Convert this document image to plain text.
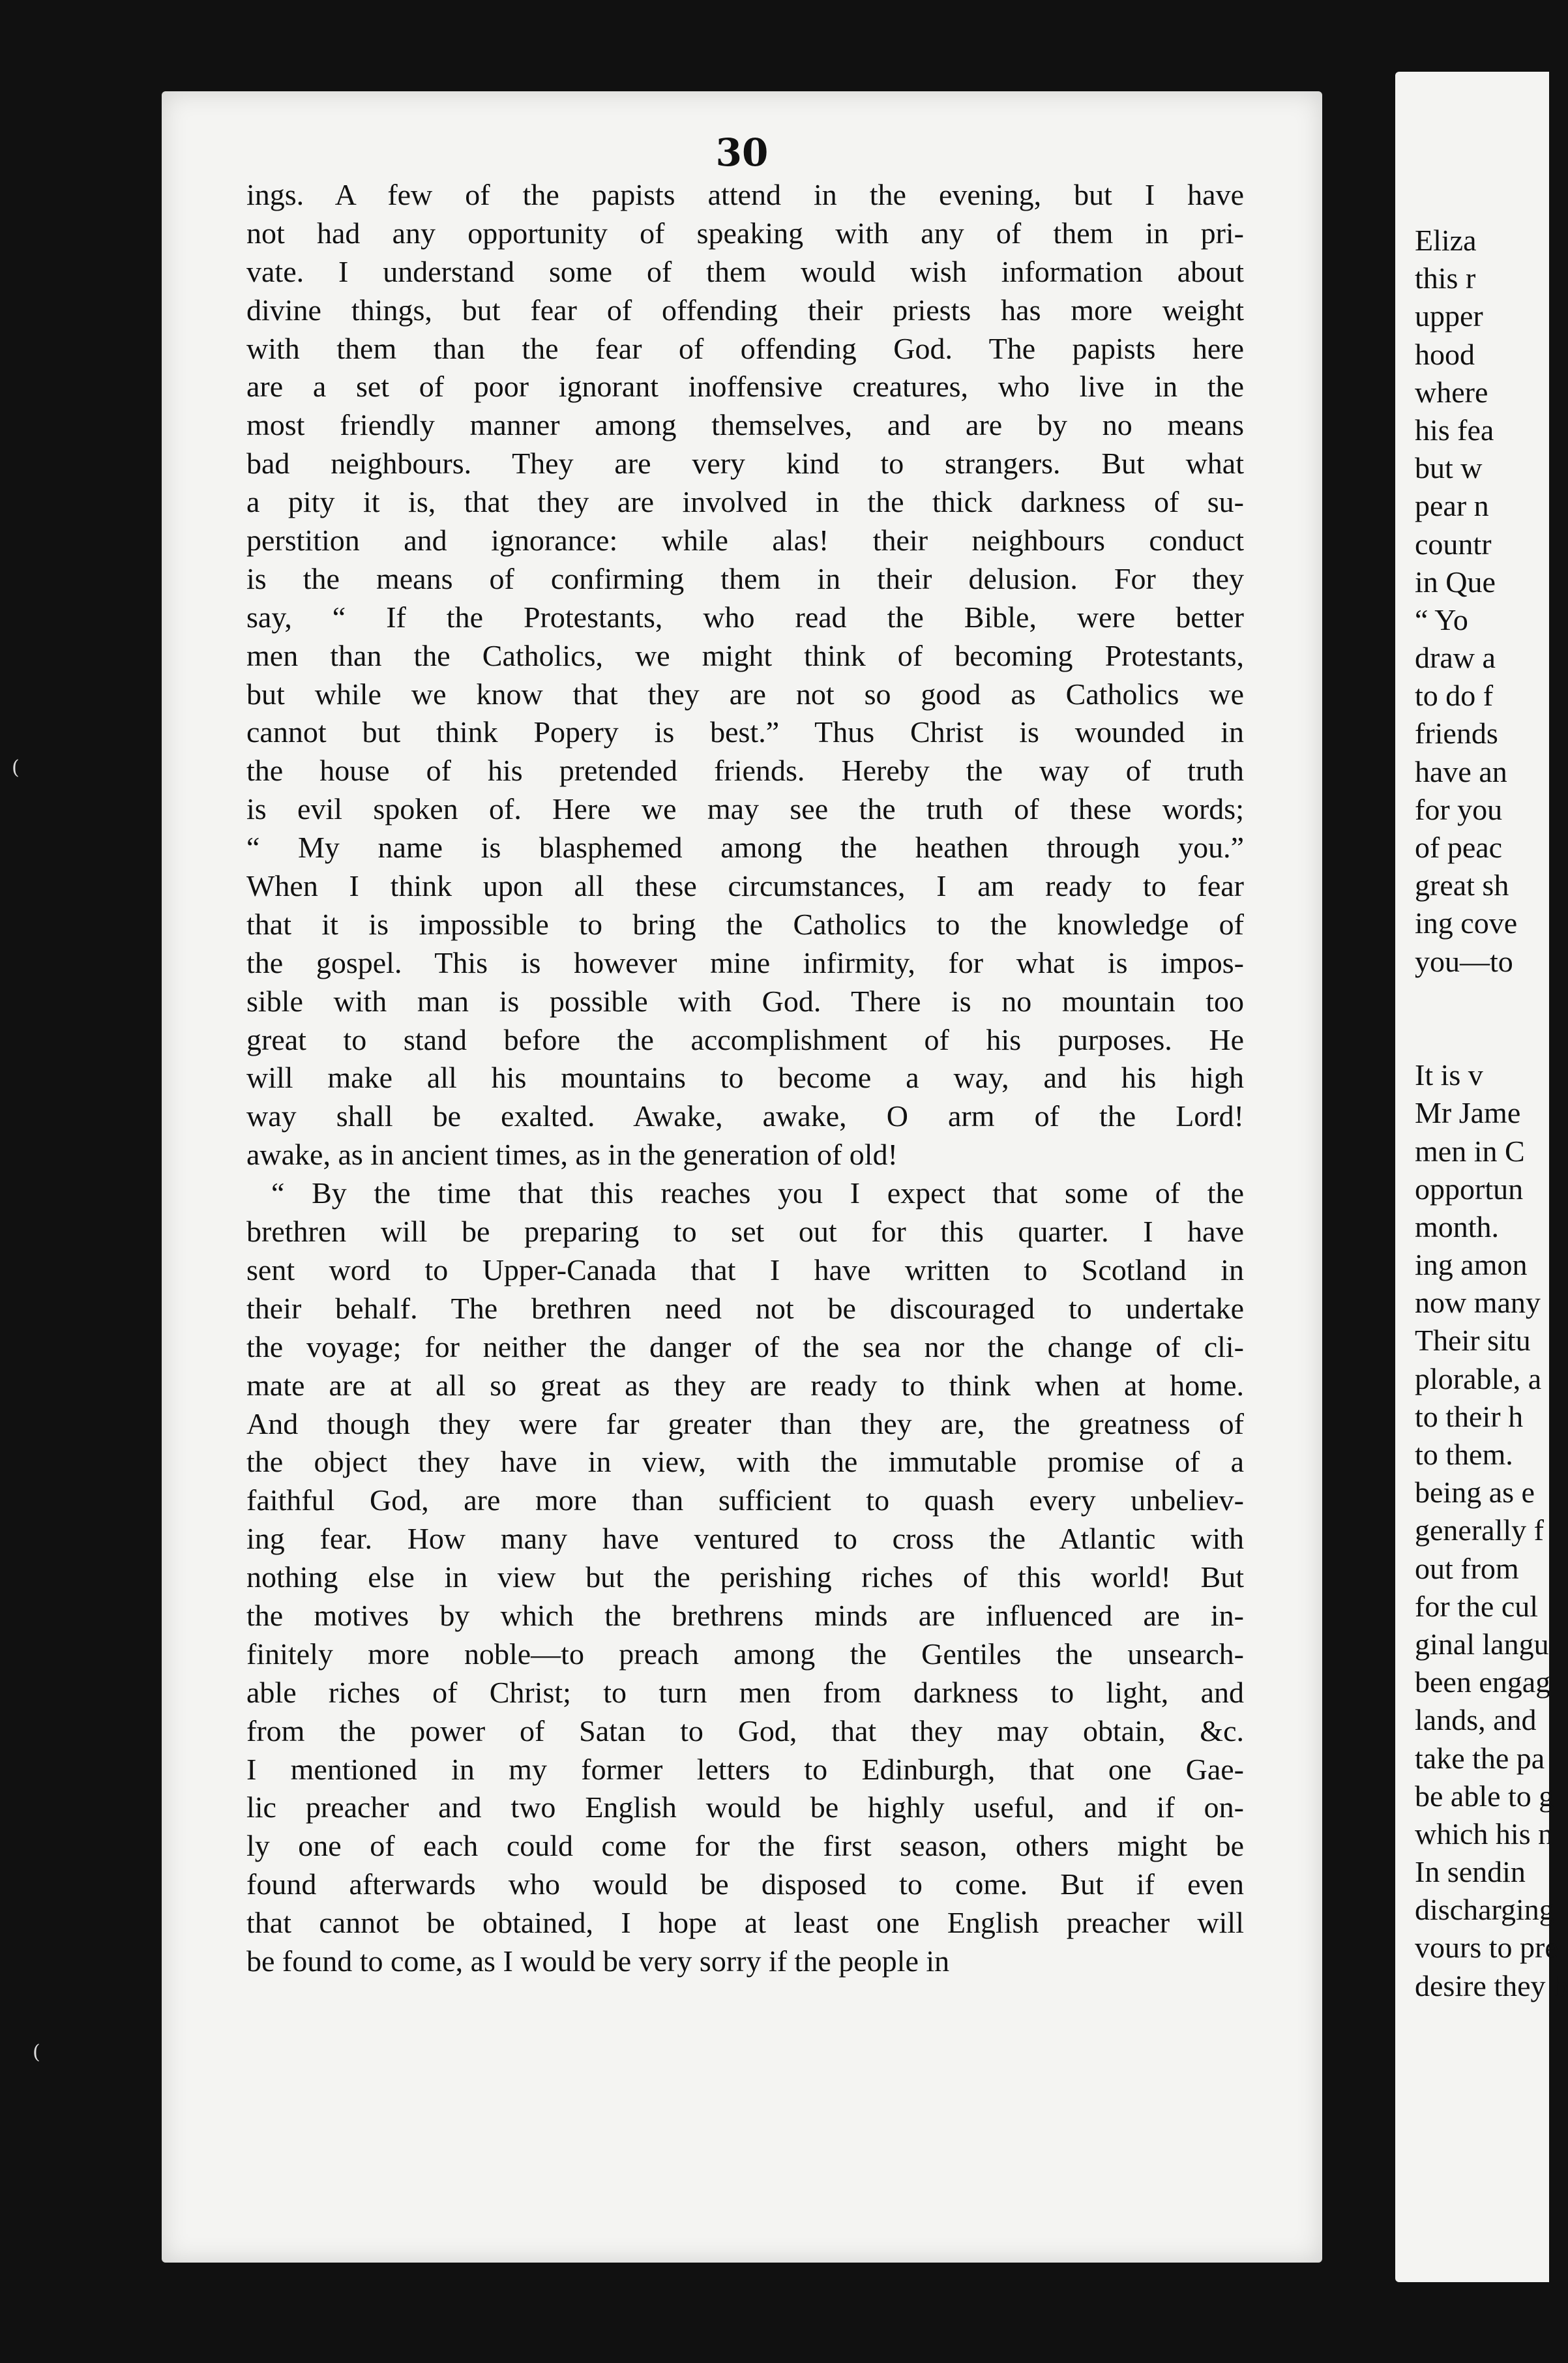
30
ings. A few of the papists attend in the evening, but I have
not had any opportunity of speaking with any of them in pri-
vate. I understand some of them would wish information about
divine things, but fear of offending their priests has more weight
with them than the fear of offending God. The papists here
are a set of poor ignorant inoffensive creatures, who live in the
most friendly manner among themselves, and are by no means
bad neighbours. They are very kind to strangers. But what
a pity it is, that they are involved in the thick darkness of su-
perstition and ignorance: while alas! their neighbours conduct
is the means of confirming them in their delusion. For they
say, “ If the Protestants, who read the Bible, were better
men than the Catholics, we might think of becoming Protestants,
but while we know that they are not so good as Catholics we
cannot but think Popery is best.” Thus Christ is wounded in
the house of his pretended friends. Hereby the way of truth
is evil spoken of. Here we may see the truth of these words;
“ My name is blasphemed among the heathen through you.”
When I think upon all these circumstances, I am ready to fear
that it is impossible to bring the Catholics to the knowledge of
the gospel. This is however mine infirmity, for what is impos-
sible with man is possible with God. There is no mountain too
great to stand before the accomplishment of his purposes. He
will make all his mountains to become a way, and his high
way shall be exalted. Awake, awake, O arm of the Lord!
awake, as in ancient times, as in the generation of old!
“ By the time that this reaches you I expect that some of the
brethren will be preparing to set out for this quarter. I have
sent word to Upper-Canada that I have written to Scotland in
their behalf. The brethren need not be discouraged to undertake
the voyage; for neither the danger of the sea nor the change of cli-
mate are at all so great as they are ready to think when at home.
And though they were far greater than they are, the greatness of
the object they have in view, with the immutable promise of a
faithful God, are more than sufficient to quash every unbeliev-
ing fear. How many have ventured to cross the Atlantic with
nothing else in view but the perishing riches of this world! But
the motives by which the brethrens minds are influenced are in-
finitely more noble—to preach among the Gentiles the unsearch-
able riches of Christ; to turn men from darkness to light, and
from the power of Satan to God, that they may obtain, &c.
I mentioned in my former letters to Edinburgh, that one Gae-
lic preacher and two English would be highly useful, and if on-
ly one of each could come for the first season, others might be
found afterwards who would be disposed to come. But if even
that cannot be obtained, I hope at least one English preacher will
be found to come, as I would be very sorry if the people in
Eliza
this r
upper
hood
where
his fea
but w
pear n
countr
in Que
“ Yo
draw a
to do f
friends
have an
for you
of peac
great sh
ing cove
you—to
It is v
Mr Jame
men in C
opportun
month.
ing amon
now many
Their situ
plorable, a
to their h
to them.
being as e
generally f
out from
for the cul
ginal langu
been engag
lands, and
take the pa
be able to g
which his n
In sendin
discharging
vours to pre
desire they b
(
(
